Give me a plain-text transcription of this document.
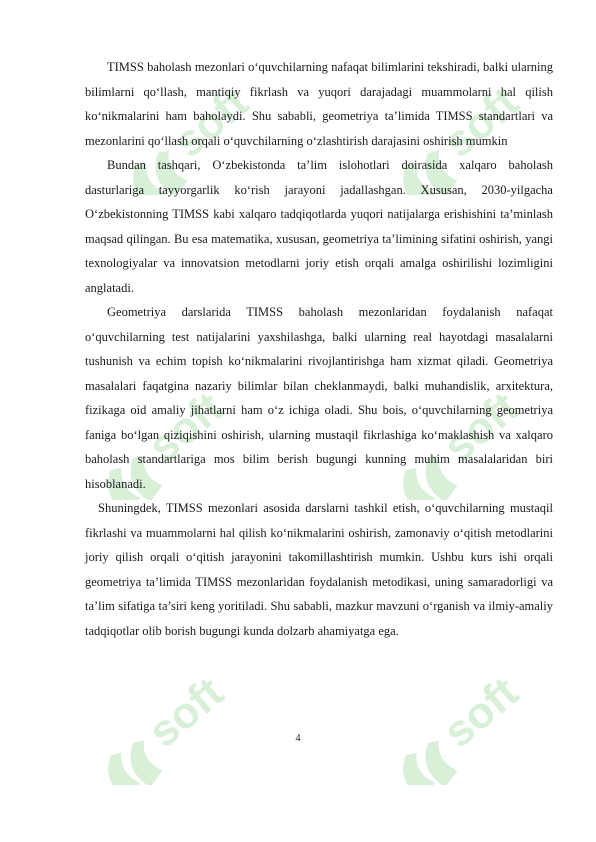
soft	soft
soft	soft
soft	soft

TIMSS baholash mezonlari o‘quvchilarning nafaqat bilimlarini tekshiradi, balki ularning bilimlarni qo‘llash, mantiqiy fikrlash va yuqori darajadagi muammolarni hal qilish ko‘nikmalarini ham baholaydi. Shu sababli, geometriya ta’limida TIMSS standartlari va mezonlarini qo‘llash orqali o‘quvchilarning o‘zlashtirish darajasini oshirish mumkin

Bundan tashqari, O‘zbekistonda ta’lim islohotlari doirasida xalqaro baholash dasturlariga tayyorgarlik ko‘rish jarayoni jadallashgan. Xususan, 2030-yilgacha O‘zbekistonning TIMSS kabi xalqaro tadqiqotlarda yuqori natijalarga erishishini ta’minlash maqsad qilingan. Bu esa matematika, xususan, geometriya ta’limining sifatini oshirish, yangi texnologiyalar va innovatsion metodlarni joriy etish orqali amalga oshirilishi lozimligini anglatadi.

Geometriya darslarida TIMSS baholash mezonlaridan foydalanish nafaqat o‘quvchilarning test natijalarini yaxshilashga, balki ularning real hayotdagi masalalarni tushunish va echim topish ko‘nikmalarini rivojlantirishga ham xizmat qiladi. Geometriya masalalari faqatgina nazariy bilimlar bilan cheklanmaydi, balki muhandislik, arxitektura, fizikaga oid amaliy jihatlarni ham o‘z ichiga oladi. Shu bois, o‘quvchilarning geometriya faniga bo‘lgan qiziqishini oshirish, ularning mustaqil fikrlashiga ko‘maklashish va xalqaro baholash standartlariga mos bilim berish bugungi kunning muhim masalalaridan biri hisoblanadi.

Shuningdek, TIMSS mezonlari asosida darslarni tashkil etish, o‘quvchilarning mustaqil fikrlashi va muammolarni hal qilish ko‘nikmalarini oshirish, zamonaviy o‘qitish metodlarini joriy qilish orqali o‘qitish jarayonini takomillashtirish mumkin. Ushbu kurs ishi orqali geometriya ta’limida TIMSS mezonlaridan foydalanish metodikasi, uning samaradorligi va ta’lim sifatiga ta’siri keng yoritiladi. Shu sababli, mazkur mavzuni o‘rganish va ilmiy-amaliy tadqiqotlar olib borish bugungi kunda dolzarb ahamiyatga ega.

4
